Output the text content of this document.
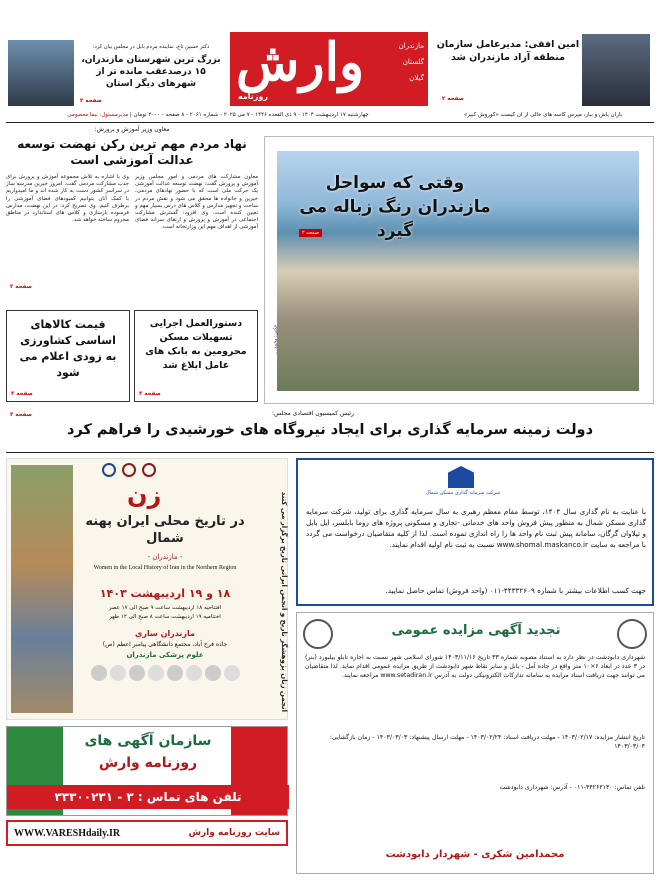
امین افقی: مدیرعامل سازمان منطقه آزاد مازندران شد
صفحه ۲
وارش
روزنامه
مازندران
گلستان
گیلان
دکتر حسین تاج، نماینده مردم بابل در مجلس بیان کرد:
بزرگ ترین شهرستان مازندران، ۱۵ درصدعقب مانده تر از شهرهای دیگر استان
صفحه ۲
چهارشنبه ۱۷ اردیبهشت ۱۴۰۴ - ۹ ذی القعده ۱۴۴۶ - ۷ می ۲۰۲۵ - شماره ۲۰۶۱ - ۸ صفحه - ۲۰۰۰ تومان | مدیرمسئول: نیما معصومی	باران باش و ببار، مپرس کاسه های خالی از آن کیست «کوروش کبیر»
معاون وزیر آموزش و پرورش:
نهاد مردم مهم ترین رکن نهضت توسعه عدالت آموزشی است
معاون مشارکت های مردمی و امور مجلس وزیر آموزش و پرورش گفت: نهضت توسعه عدالت آموزشی یک حرکت ملی است که با حضور نهادهای مردمی، خیرین و خانواده ها محقق می شود و نقش مردم در ساخت و تجهیز مدارس و کلاس های درس بسیار مهم و تعیین کننده است. وی افزود: گسترش مشارکت اجتماعی در آموزش و پرورش و ارتقای سرانه فضای آموزشی از اهداف مهم این وزارتخانه است.
وی با اشاره به تلاش مجموعه آموزش و پرورش برای جذب مشارکت مردمی گفت: امروز خیرین مدرسه ساز در سراسر کشور دست به کار شده اند و ما امیدواریم با کمک آنان بتوانیم کمبودهای فضای آموزشی را برطرف کنیم. وی تصریح کرد: در این نهضت، مدارس فرسوده بازسازی و کلاس های استاندارد در مناطق محروم ساخته خواهد شد.
صفحه ۲
وقتی که سواحل مازندران رنگ زباله می گیرد
صفحه ۲
عکس: محمد ...
قیمت کالاهای اساسی کشاورزی به زودی اعلام می شود
صفحه ۳
دستورالعمل اجرایی تسهیلات مسکن محرومین به بانک های عامل ابلاغ شد
صفحه ۳
رئیس کمیسیون اقتصادی مجلس:
دولت زمینه سرمایه گذاری برای ایجاد نیروگاه های خورشیدی را فراهم کرد
صفحه ۳
زن
در تاریخ محلی ایران پهنه شمال
- مازندران -
Women in the Local History of Iran in the Northern Region
۱۸ و ۱۹ اردیبهشت ۱۴۰۳
افتتاحیه ۱۸ اردیبهشت ساعت ۹ صبح الی ۱۷ عصر
اختتامیه ۱۹ اردیبهشت ساعت ۸ صبح الی ۱۲ ظهر
مازندران ساری
جاده فرح آباد، مجتمع دانشگاهی پیامبر اعظم (ص)
علوم پزشکی مازندران	انجمن زنان پژوهشگر تاریخ و انجمن ایرانی تاریخ برگزار می کنند	شرکت سرمایه گذاری مسکن شمال
با عنایت به نام گذاری سال ۱۴۰۴، توسط مقام معظم رهبری به سال سرمایه گذاری برای تولید، شرکت سرمایه گذاری مسکن شمال به منظور پیش فروش واحد های خدماتی -تجاری و مسکونی پروژه های روما بابلسر، ایل بابل و تیلاوان گرگان، سامانه پیش ثبت نام واحد ها را راه اندازی نموده است. لذا از کلیه متقاضیان درخواست می گردد با مراجعه به سایت www.shomal.maskanco.ir نسبت به ثبت نام اولیه اقدام نمایند.
جهت کسب اطلاعات بیشتر با شماره ۴۴۳۳۲۶۰۹-۰۱۱ (واحد فروش) تماس حاصل نمایید.
تجدید آگهی مزایده عمومی
شهرداری دابودشت در نظر دارد به استناد مصوبه شماره ۳۳ تاریخ ۱۴۰۳/۱۱/۱۶ شورای اسلامی شهر نسبت به اجاره تابلو بیلبورد (بنر) در ۳ عدد در ابعاد ۶×۱۰ متر واقع در جاده آمل - بابل و سایر نقاط شهر دابودشت از طریق مزایده عمومی اقدام نماید. لذا متقاضیان می توانند جهت دریافت اسناد مزایده به سامانه تدارکات الکترونیکی دولت به آدرس www.setadiran.ir مراجعه نمایند.
تاریخ انتشار مزایده: ۱۴۰۳/۰۲/۱۷ - مهلت دریافت اسناد: ۱۴۰۳/۰۲/۲۴ - مهلت ارسال پیشنهاد: ۱۴۰۳/۰۳/۰۳ - زمان بازگشایی: ۱۴۰۳/۰۳/۰۴
تلفن تماس: ۴۴۲۶۲۱۳۰-۰۱۱ - آدرس: شهرداری دابودشت
محمدامین شکری - شهردار دابودشت
سازمان آگهی های
روزنامه وارش
تلفن های تماس : ۳ - ۳۳۳۰۰۲۳۱
سایت روزنامه وارش
WWW.VARESHdaily.IR
